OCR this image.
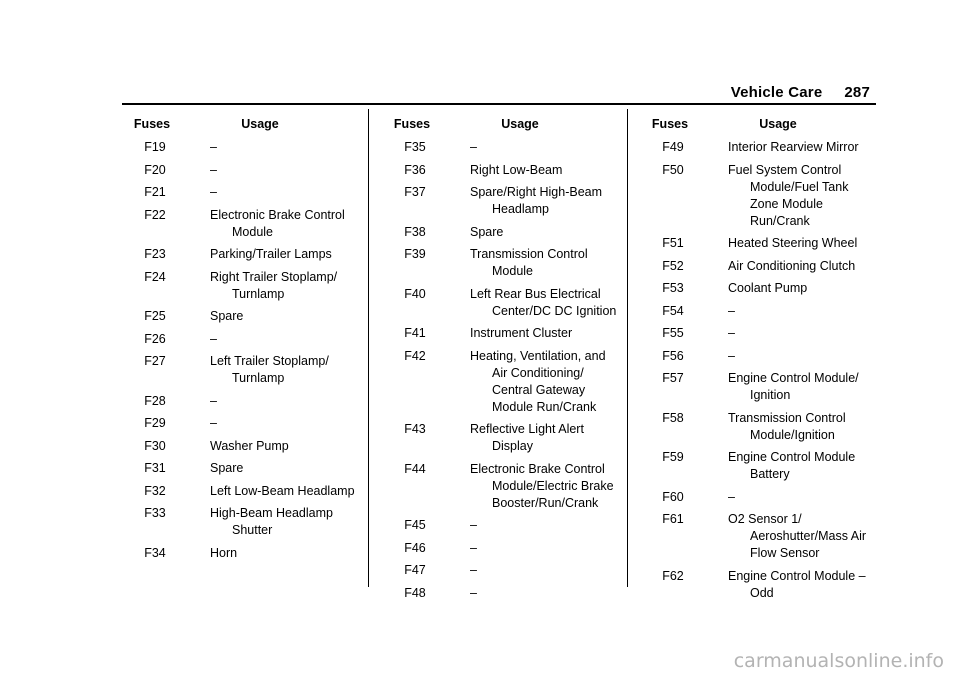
Vehicle Care 287
Fuses	Usage
F19	–
F20	–
F21	–
F22	Electronic Brake Control Module
F23	Parking/Trailer Lamps
F24	Right Trailer Stoplamp/ Turnlamp
F25	Spare
F26	–
F27	Left Trailer Stoplamp/ Turnlamp
F28	–
F29	–
F30	Washer Pump
F31	Spare
F32	Left Low-Beam Headlamp
F33	High-Beam Headlamp Shutter
F34	Horn
Fuses	Usage
F35	–
F36	Right Low-Beam
F37	Spare/Right High-Beam Headlamp
F38	Spare
F39	Transmission Control Module
F40	Left Rear Bus Electrical Center/DC DC Ignition
F41	Instrument Cluster
F42	Heating, Ventilation, and Air Conditioning/ Central Gateway Module Run/Crank
F43	Reflective Light Alert Display
F44	Electronic Brake Control Module/Electric Brake Booster/Run/Crank
F45	–
F46	–
F47	–
F48	–
Fuses	Usage
F49	Interior Rearview Mirror
F50	Fuel System Control Module/Fuel Tank Zone Module Run/Crank
F51	Heated Steering Wheel
F52	Air Conditioning Clutch
F53	Coolant Pump
F54	–
F55	–
F56	–
F57	Engine Control Module/ Ignition
F58	Transmission Control Module/Ignition
F59	Engine Control Module Battery
F60	–
F61	O2 Sensor 1/ Aeroshutter/Mass Air Flow Sensor
F62	Engine Control Module – Odd
carmanualsonline.info
